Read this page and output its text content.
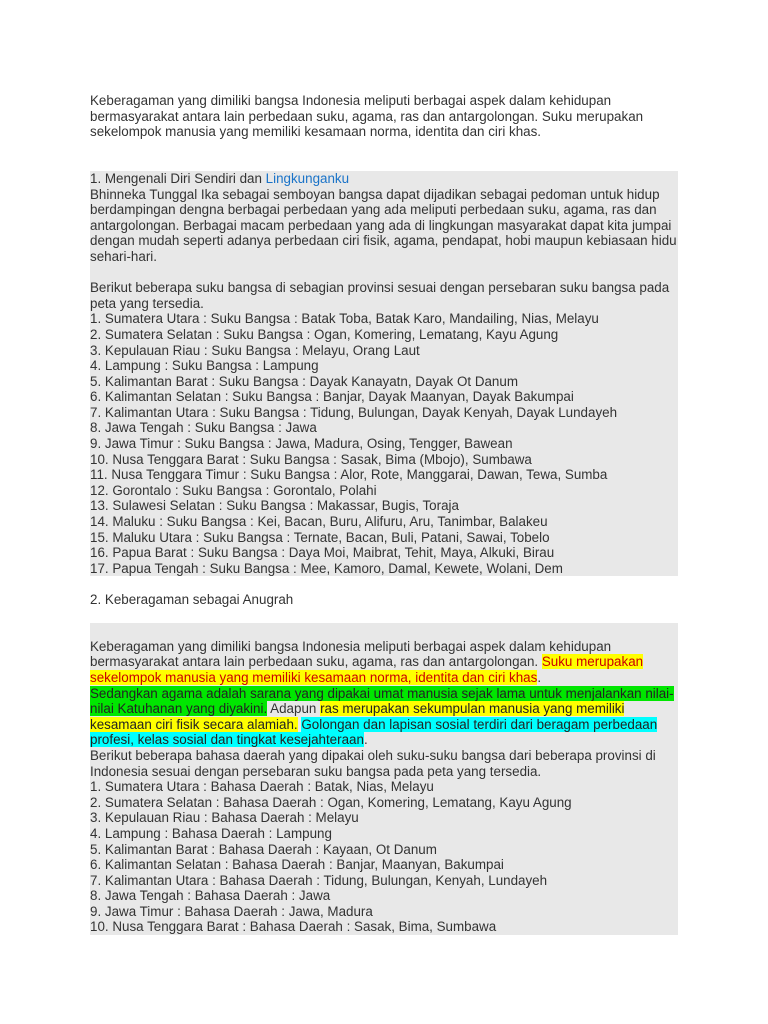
Keberagaman yang dimiliki bangsa Indonesia meliputi berbagai aspek dalam kehidupan bermasyarakat antara lain perbedaan suku, agama, ras dan antargolongan. Suku merupakan sekelompok manusia yang memiliki kesamaan norma, identita dan ciri khas.

1. Mengenali Diri Sendiri dan Lingkunganku

Bhinneka Tunggal Ika sebagai semboyan bangsa dapat dijadikan sebagai pedoman untuk hidup berdampingan dengna berbagai perbedaan yang ada meliputi perbedaan suku, agama, ras dan antargolongan. Berbagai macam perbedaan yang ada di lingkungan masyarakat dapat kita jumpai dengan mudah seperti adanya perbedaan ciri fisik, agama, pendapat, hobi maupun kebiasaan hidu sehari-hari.

Berikut beberapa suku bangsa di sebagian provinsi sesuai dengan persebaran suku bangsa pada peta yang tersedia.

1. Sumatera Utara : Suku Bangsa : Batak Toba, Batak Karo, Mandailing, Nias, Melayu
2. Sumatera Selatan : Suku Bangsa : Ogan, Komering, Lematang, Kayu Agung
3. Kepulauan Riau : Suku Bangsa : Melayu, Orang Laut
4. Lampung : Suku Bangsa : Lampung
5. Kalimantan Barat : Suku Bangsa : Dayak Kanayatn, Dayak Ot Danum
6. Kalimantan Selatan : Suku Bangsa : Banjar, Dayak Maanyan, Dayak Bakumpai
7. Kalimantan Utara : Suku Bangsa : Tidung, Bulungan, Dayak Kenyah, Dayak Lundayeh
8. Jawa Tengah : Suku Bangsa : Jawa
9. Jawa Timur : Suku Bangsa : Jawa, Madura, Osing, Tengger, Bawean
10. Nusa Tenggara Barat : Suku Bangsa : Sasak, Bima (Mbojo), Sumbawa
11. Nusa Tenggara Timur : Suku Bangsa : Alor, Rote, Manggarai, Dawan, Tewa, Sumba
12. Gorontalo : Suku Bangsa : Gorontalo, Polahi
13. Sulawesi Selatan : Suku Bangsa : Makassar, Bugis, Toraja
14. Maluku : Suku Bangsa : Kei, Bacan, Buru, Alifuru, Aru, Tanimbar, Balakeu
15. Maluku Utara : Suku Bangsa : Ternate, Bacan, Buli, Patani, Sawai, Tobelo
16. Papua Barat : Suku Bangsa : Daya Moi, Maibrat, Tehit, Maya, Alkuki, Birau
17. Papua Tengah : Suku Bangsa : Mee, Kamoro, Damal, Kewete, Wolani, Dem
2. Keberagaman sebagai Anugrah

Keberagaman yang dimiliki bangsa Indonesia meliputi berbagai aspek dalam kehidupan bermasyarakat antara lain perbedaan suku, agama, ras dan antargolongan. Suku merupakan sekelompok manusia yang memiliki kesamaan norma, identita dan ciri khas.
Sedangkan agama adalah sarana yang dipakai umat manusia sejak lama untuk menjalankan nilai-nilai Katuhanan yang diyakini. Adapun ras merupakan sekumpulan manusia yang memiliki kesamaan ciri fisik secara alamiah. Golongan dan lapisan sosial terdiri dari beragam perbedaan profesi, kelas sosial dan tingkat kesejahteraan.

Berikut beberapa bahasa daerah yang dipakai oleh suku-suku bangsa dari beberapa provinsi di Indonesia sesuai dengan persebaran suku bangsa pada peta yang tersedia.

1. Sumatera Utara : Bahasa Daerah : Batak, Nias, Melayu
2. Sumatera Selatan : Bahasa Daerah : Ogan, Komering, Lematang, Kayu Agung
3. Kepulauan Riau : Bahasa Daerah : Melayu
4. Lampung : Bahasa Daerah : Lampung
5. Kalimantan Barat : Bahasa Daerah : Kayaan, Ot Danum
6. Kalimantan Selatan : Bahasa Daerah : Banjar, Maanyan, Bakumpai
7. Kalimantan Utara : Bahasa Daerah : Tidung, Bulungan, Kenyah, Lundayeh
8. Jawa Tengah : Bahasa Daerah : Jawa
9. Jawa Timur : Bahasa Daerah : Jawa, Madura
10. Nusa Tenggara Barat : Bahasa Daerah : Sasak, Bima, Sumbawa
